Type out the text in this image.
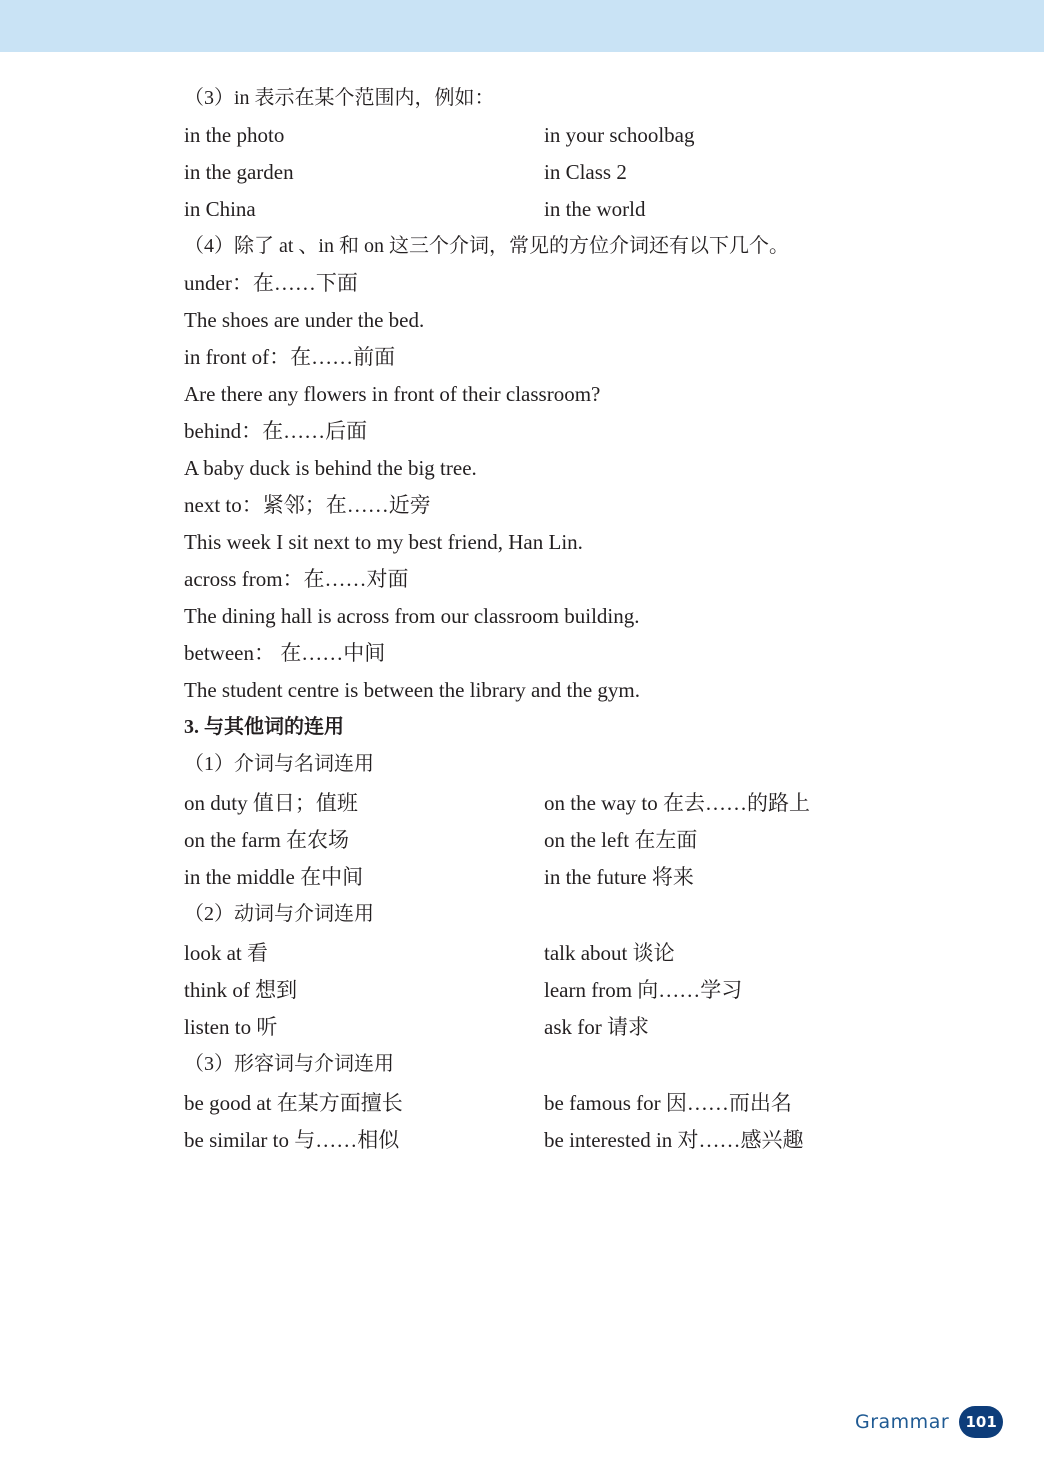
（3）in 表示在某个范围内，例如：
in the photo	in your schoolbag
in the garden	in Class 2
in China	in the world
（4）除了 at 、in 和 on 这三个介词，常见的方位介词还有以下几个。
under：在……下面
The shoes are under the bed.
in front of：在……前面
Are there any flowers in front of their classroom?
behind：在……后面
A baby duck is behind the big tree.
next to：紧邻；在……近旁
This week I sit next to my best friend, Han Lin.
across from：在……对面
The dining hall is across from our classroom building.
between： 在……中间
The student centre is between the library and the gym.
3. 与其他词的连用
（1）介词与名词连用
on duty 值日；值班	on the way to 在去……的路上
on the farm 在农场	on the left 在左面
in the middle 在中间	in the future 将来
（2）动词与介词连用
look at 看	talk about 谈论
think of 想到	learn from 向……学习
listen to 听	ask for 请求
（3）形容词与介词连用
be good at 在某方面擅长	be famous for 因……而出名
be similar to 与……相似	be interested in 对……感兴趣
Grammar	101
